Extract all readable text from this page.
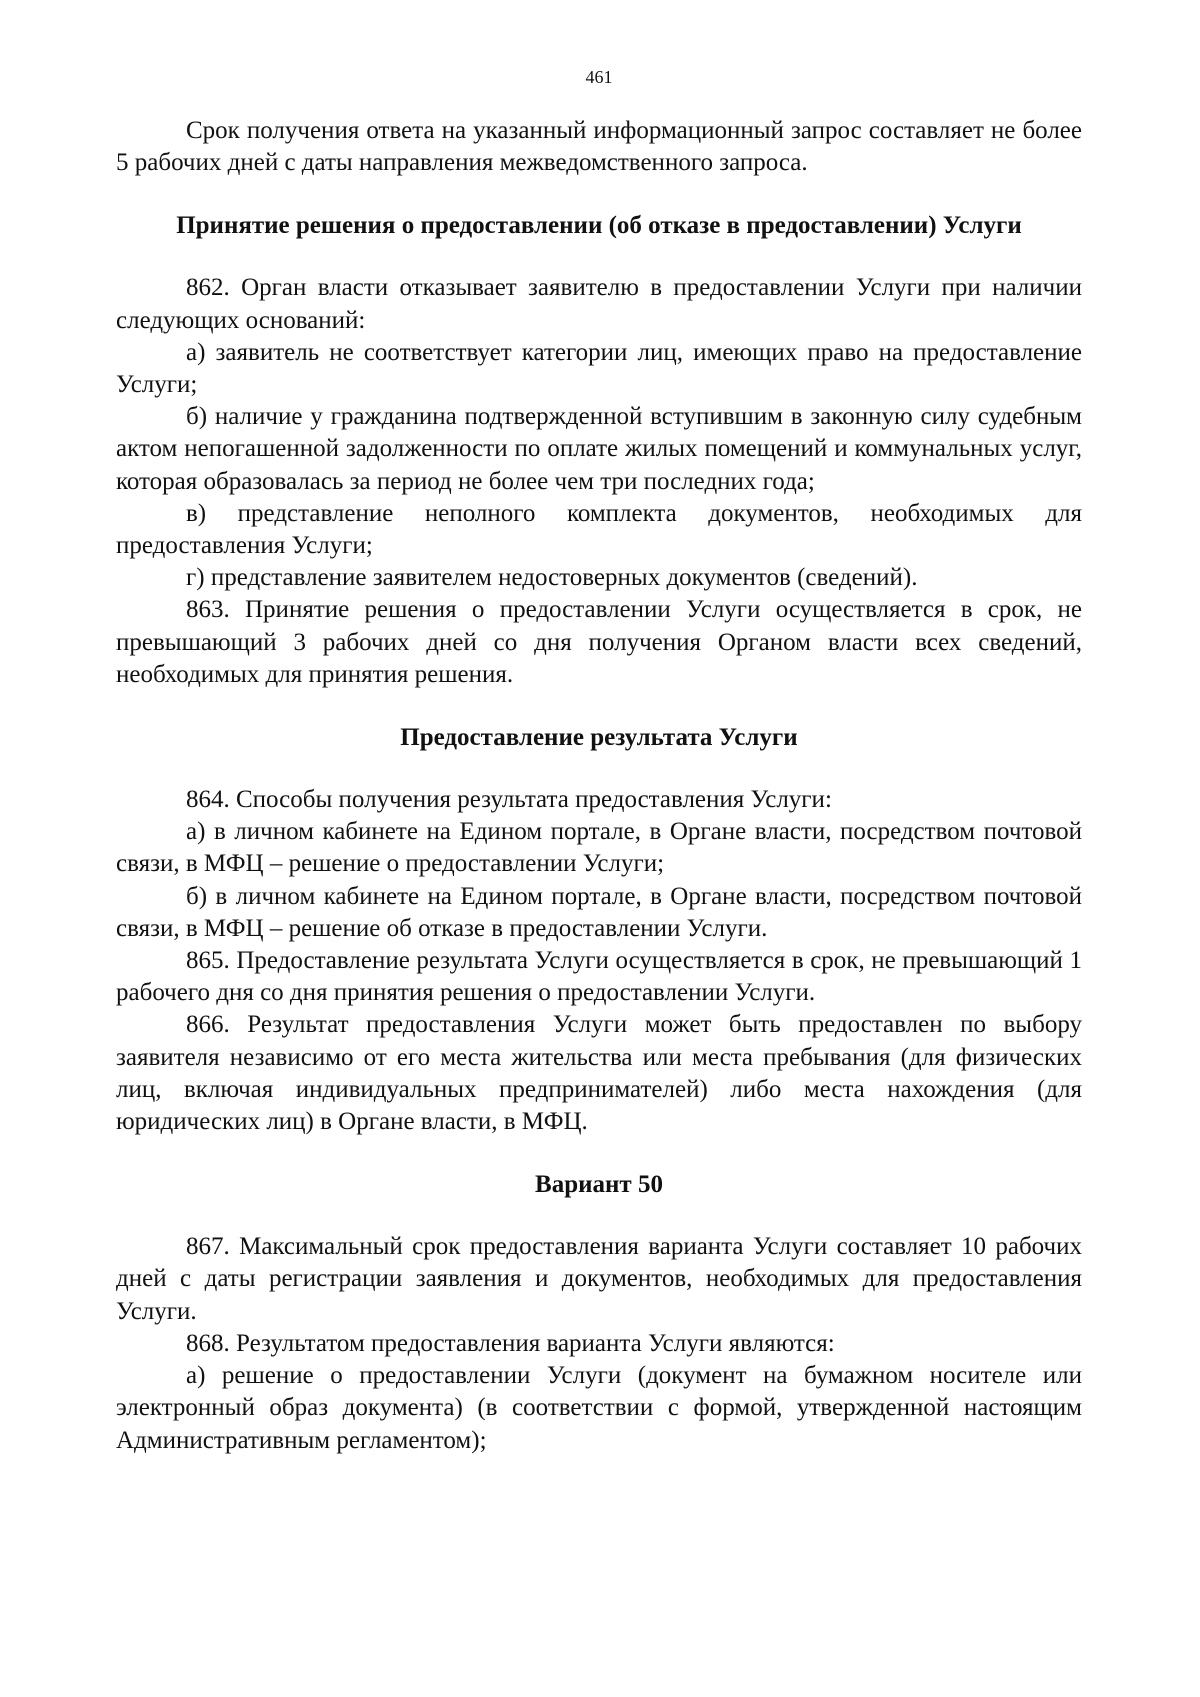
461

Срок получения ответа на указанный информационный запрос составляет не более 5 рабочих дней с даты направления межведомственного запроса.

Принятие решения о предоставлении (об отказе в предоставлении) Услуги

862. Орган власти отказывает заявителю в предоставлении Услуги при наличии следующих оснований:

а) заявитель не соответствует категории лиц, имеющих право на предоставление Услуги;

б) наличие у гражданина подтвержденной вступившим в законную силу судебным актом непогашенной задолженности по оплате жилых помещений и коммунальных услуг, которая образовалась за период не более чем три последних года;

в) представление неполного комплекта документов, необходимых для предоставления Услуги;

г) представление заявителем недостоверных документов (сведений).

863. Принятие решения о предоставлении Услуги осуществляется в срок, не превышающий 3 рабочих дней со дня получения Органом власти всех сведений, необходимых для принятия решения.

Предоставление результата Услуги

864. Способы получения результата предоставления Услуги:

а) в личном кабинете на Едином портале, в Органе власти, посредством почтовой связи, в МФЦ – решение о предоставлении Услуги;

б) в личном кабинете на Едином портале, в Органе власти, посредством почтовой связи, в МФЦ – решение об отказе в предоставлении Услуги.

865. Предоставление результата Услуги осуществляется в срок, не превышающий 1 рабочего дня со дня принятия решения о предоставлении Услуги.

866. Результат предоставления Услуги может быть предоставлен по выбору заявителя независимо от его места жительства или места пребывания (для физических лиц, включая индивидуальных предпринимателей) либо места нахождения (для юридических лиц) в Органе власти, в МФЦ.

Вариант 50

867. Максимальный срок предоставления варианта Услуги составляет 10 рабочих дней с даты регистрации заявления и документов, необходимых для предоставления Услуги.

868. Результатом предоставления варианта Услуги являются:

а) решение о предоставлении Услуги (документ на бумажном носителе или электронный образ документа) (в соответствии с формой, утвержденной настоящим Административным регламентом);
